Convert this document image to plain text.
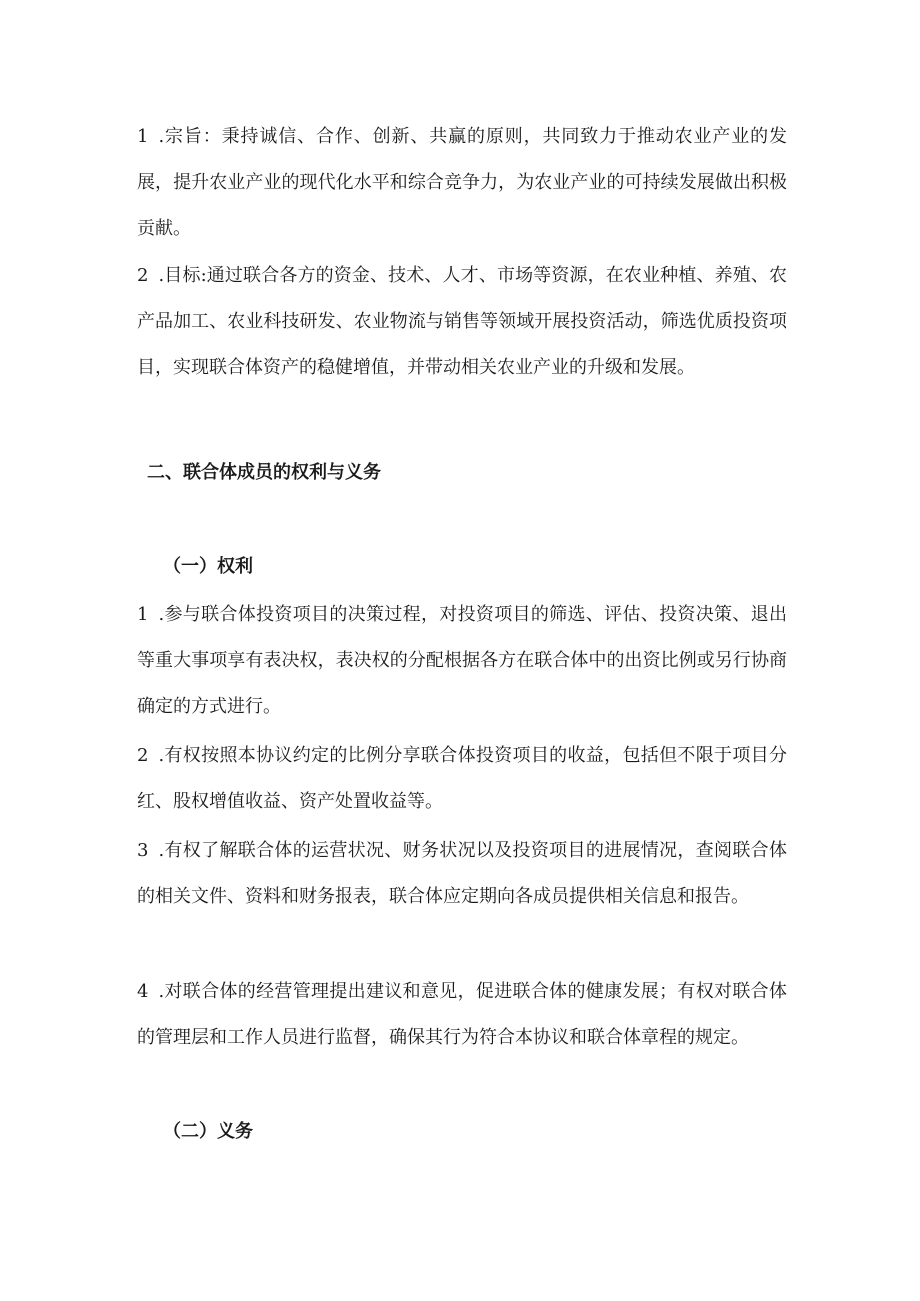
1 .宗旨：秉持诚信、合作、创新、共赢的原则，共同致力于推动农业产业的发展，提升农业产业的现代化水平和综合竞争力，为农业产业的可持续发展做出积极贡献。

2 .目标:通过联合各方的资金、技术、人才、市场等资源，在农业种植、养殖、农产品加工、农业科技研发、农业物流与销售等领域开展投资活动，筛选优质投资项目，实现联合体资产的稳健增值，并带动相关农业产业的升级和发展。

二、联合体成员的权利与义务
（一）权利

1 .参与联合体投资项目的决策过程，对投资项目的筛选、评估、投资决策、退出等重大事项享有表决权，表决权的分配根据各方在联合体中的出资比例或另行协商确定的方式进行。

2 .有权按照本协议约定的比例分享联合体投资项目的收益，包括但不限于项目分红、股权增值收益、资产处置收益等。

3 .有权了解联合体的运营状况、财务状况以及投资项目的进展情况，查阅联合体的相关文件、资料和财务报表，联合体应定期向各成员提供相关信息和报告。

4 .对联合体的经营管理提出建议和意见，促进联合体的健康发展；有权对联合体的管理层和工作人员进行监督，确保其行为符合本协议和联合体章程的规定。

（二）义务
